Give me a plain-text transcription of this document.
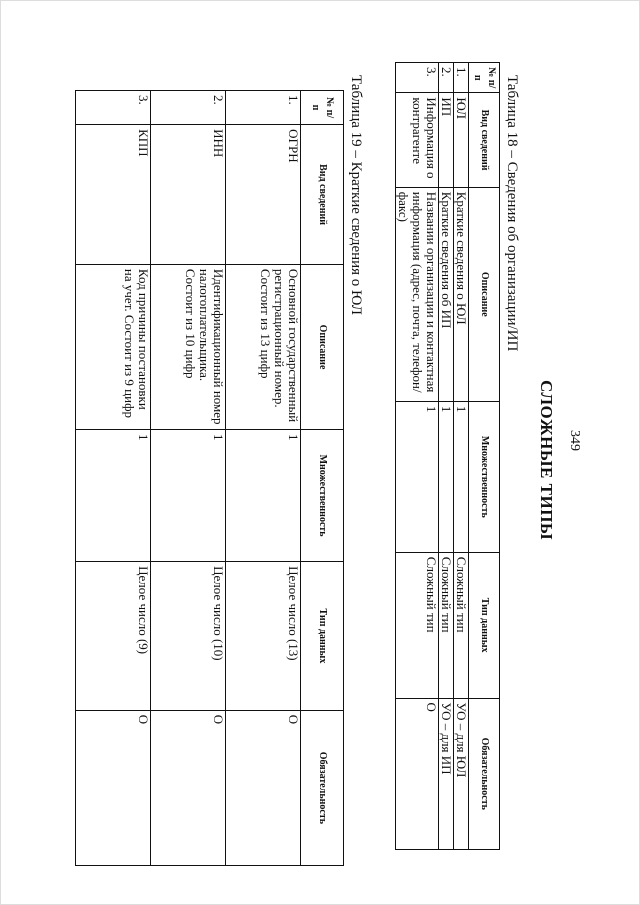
349
СЛОЖНЫЕ ТИПЫ
Таблица 18 – Сведения об организации/ИП
№ п/п	Вид сведений	Описание	Множественность	Тип данных	Обязательность
1.	ЮЛ	Краткие сведения о ЮЛ	1	Сложный тип	УО – для ЮЛ
2.	ИП	Краткие сведения об ИП	1	Сложный тип	УО – для ИП
3.	Информация о контрагенте	Названии организации и контактная информация (адрес, почта, телефон/факс)	1	Сложный тип	О
Таблица 19 – Краткие сведения о ЮЛ
№ п/п	Вид сведений	Описание	Множественность	Тип данных	Обязательность
1.	ОГРН	Основной государственный регистрационный номер. Состоит из 13 цифр	1	Целое число (13)	О
2.	ИНН	Идентификационный номер налогоплательщика. Состоит из 10 цифр	1	Целое число (10)	О
3.	КПП	Код причины постановки на учет. Состоит из 9 цифр	1	Целое число (9)	О
